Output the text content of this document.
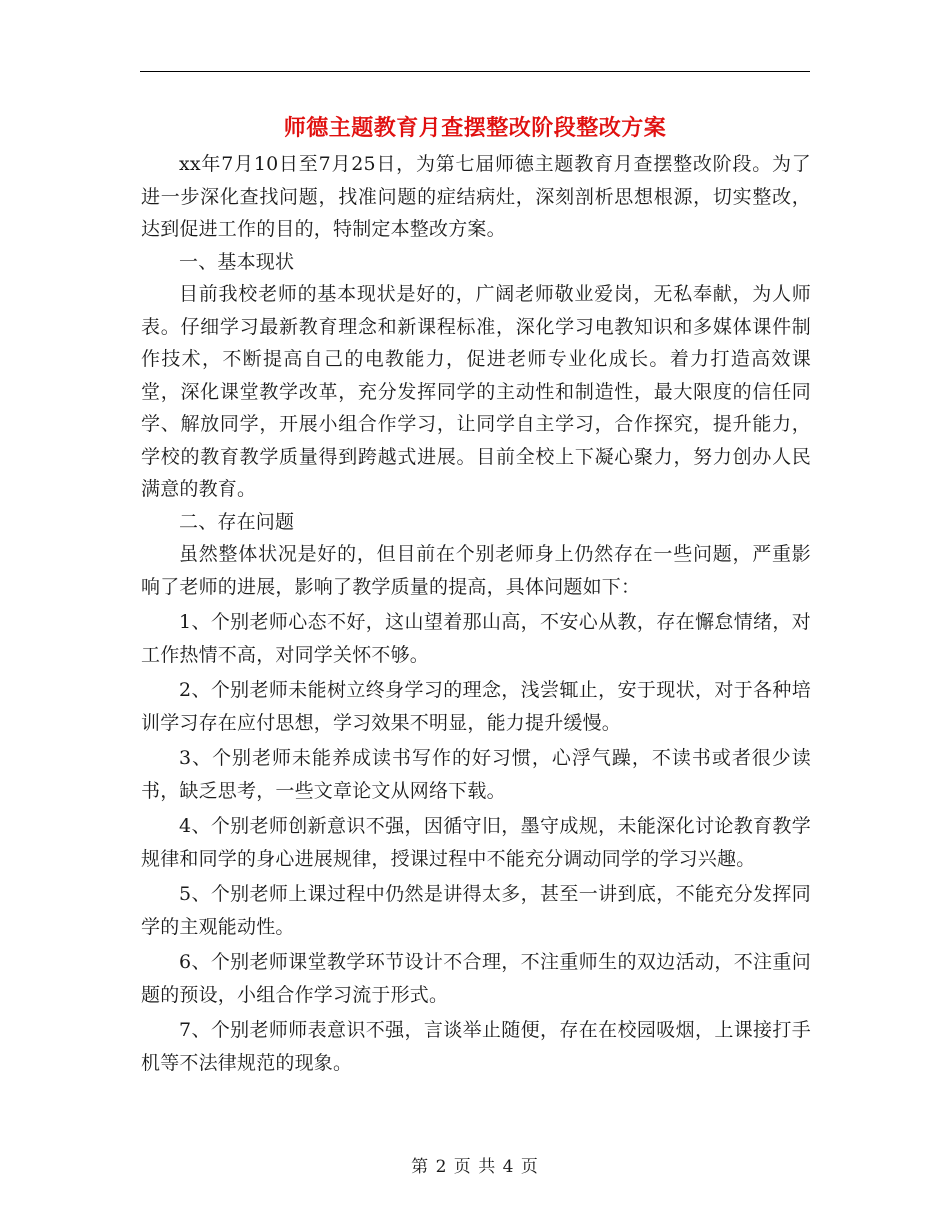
师德主题教育月查摆整改阶段整改方案

xx年7月10日至7月25日，为第七届师德主题教育月查摆整改阶段。为了进一步深化查找问题，找准问题的症结病灶，深刻剖析思想根源，切实整改，达到促进工作的目的，特制定本整改方案。

一、基本现状

目前我校老师的基本现状是好的，广阔老师敬业爱岗，无私奉献，为人师表。仔细学习最新教育理念和新课程标准，深化学习电教知识和多媒体课件制作技术，不断提高自己的电教能力，促进老师专业化成长。着力打造高效课堂，深化课堂教学改革，充分发挥同学的主动性和制造性，最大限度的信任同学、解放同学，开展小组合作学习，让同学自主学习，合作探究，提升能力，学校的教育教学质量得到跨越式进展。目前全校上下凝心聚力，努力创办人民满意的教育。

二、存在问题

虽然整体状况是好的，但目前在个别老师身上仍然存在一些问题，严重影响了老师的进展，影响了教学质量的提高，具体问题如下：

1、个别老师心态不好，这山望着那山高，不安心从教，存在懈怠情绪，对工作热情不高，对同学关怀不够。

2、个别老师未能树立终身学习的理念，浅尝辄止，安于现状，对于各种培训学习存在应付思想，学习效果不明显，能力提升缓慢。

3、个别老师未能养成读书写作的好习惯，心浮气躁，不读书或者很少读书，缺乏思考，一些文章论文从网络下载。

4、个别老师创新意识不强，因循守旧，墨守成规，未能深化讨论教育教学规律和同学的身心进展规律，授课过程中不能充分调动同学的学习兴趣。

5、个别老师上课过程中仍然是讲得太多，甚至一讲到底，不能充分发挥同学的主观能动性。

6、个别老师课堂教学环节设计不合理，不注重师生的双边活动，不注重问题的预设，小组合作学习流于形式。

7、个别老师师表意识不强，言谈举止随便，存在在校园吸烟，上课接打手机等不法律规范的现象。

第 2 页 共 4 页
